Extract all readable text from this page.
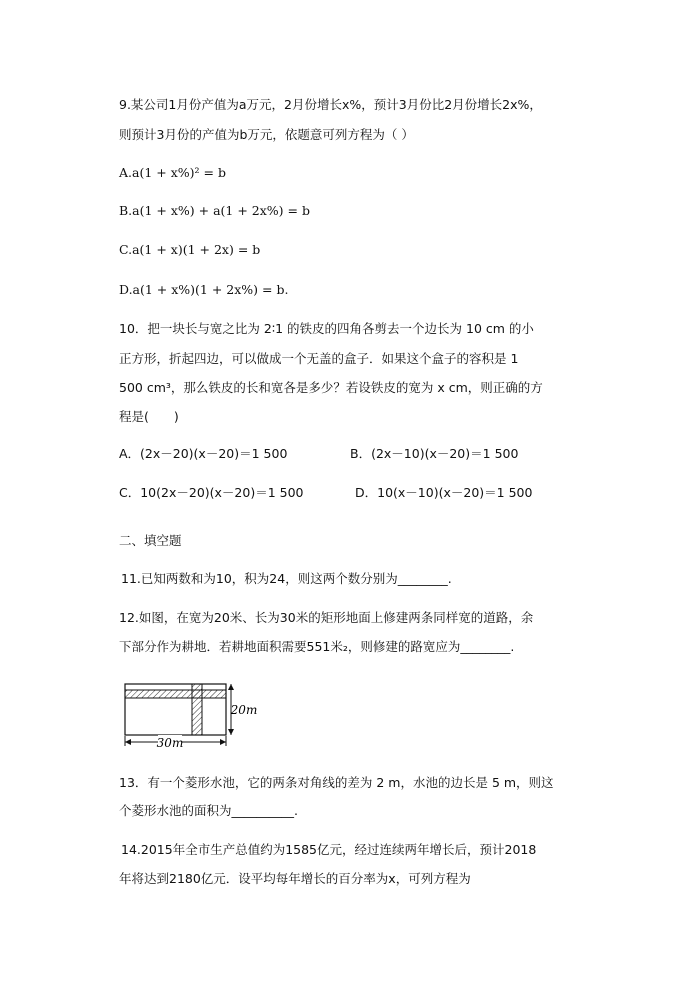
9.某公司1月份产值为a万元，2月份增长x%，预计3月份比2月份增长2x%，
则预计3月份的产值为b万元，依题意可列方程为（ ）
A.a(1 + x%)² = b
B.a(1 + x%) + a(1 + 2x%) = b
C.a(1 + x)(1 + 2x) = b
D.a(1 + x%)(1 + 2x%) = b.
10．把一块长与宽之比为 2∶1 的铁皮的四角各剪去一个边长为 10 cm 的小
正方形，折起四边，可以做成一个无盖的盒子．如果这个盒子的容积是 1
500 cm³，那么铁皮的长和宽各是多少？若设铁皮的宽为 x cm，则正确的方
程是(　　)
A．(2x－20)(x－20)＝1 500	B．(2x－10)(x－20)＝1 500
C．10(2x－20)(x－20)＝1 500	D．10(x－10)(x－20)＝1 500
二、填空题
11.已知两数和为10，积为24，则这两个数分别为________.
12.如图，在宽为20米、长为30米的矩形地面上修建两条同样宽的道路，余
下部分作为耕地．若耕地面积需要551米₂，则修建的路宽应为________.
30m
20m
13．有一个菱形水池，它的两条对角线的差为 2 m，水池的边长是 5 m，则这
个菱形水池的面积为__________.
14.2015年全市生产总值约为1585亿元，经过连续两年增长后，预计2018
年将达到2180亿元．设平均每年增长的百分率为x，可列方程为
